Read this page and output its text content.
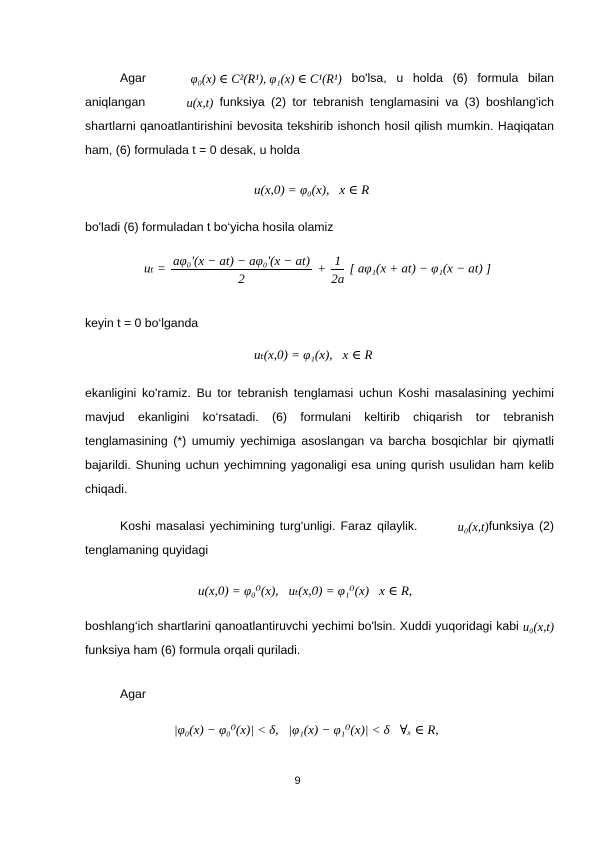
Agar	φ₀(x) ∈ C²(R¹), φ₁(x) ∈ C¹(R¹) bo'lsa, u holda (6) formula bilan aniqlangan	u(x,t) funksiya (2) tor tebranish tenglamasini va (3) boshlang'ich shartlarni qanoatlantirishini bevosita tekshirib ishonch hosil qilish mumkin. Haqiqatan ham, (6) formulada t = 0 desak, u holda

u(x,0) = φ₀(x), x ∈ R

bo'ladi (6) formuladan t bo‘yicha hosila olamiz

$u_t = \frac{\text{aφ₀′(x − at) − aφ₀′(x − at)}}{2} + \frac{1}{2a}$ [ aφ₁(x + at) − φ₁(x − at) ]

keyin t = 0 bo‘lganda

uₜ(x,0) = φ₁(x), x ∈ R

ekanligini ko'ramiz. Bu tor tebranish tenglamasi uchun Koshi masalasining yechimi mavjud ekanligini ko‘rsatadi. (6) formulani keltirib chiqarish tor tebranish tenglamasining (*) umumiy yechimiga asoslangan va barcha bosqichlar bir qiymatli bajarildi. Shuning uchun yechimning yagonaligi esa uning qurish usulidan ham kelib chiqadi.

Koshi masalasi yechimining turg'unligi. Faraz qilaylik.	u₀(x,t)funksiya (2) tenglamaning quyidagi

u(x,0) = φ₀⁰(x), uₜ(x,0) = φ₁⁰(x) x ∈ R,

boshlang‘ich shartlarini qanoatlantiruvchi yechimi bo'lsin. Xuddi yuqoridagi kabi u₀(x,t)funksiya ham (6) formula orqali quriladi.

Agar

|φ₀(x) − φ₀⁰(x)| < δ, |φ₁(x) − φ₁⁰(x)| < δ ∀ₓ ∈ R,
9
